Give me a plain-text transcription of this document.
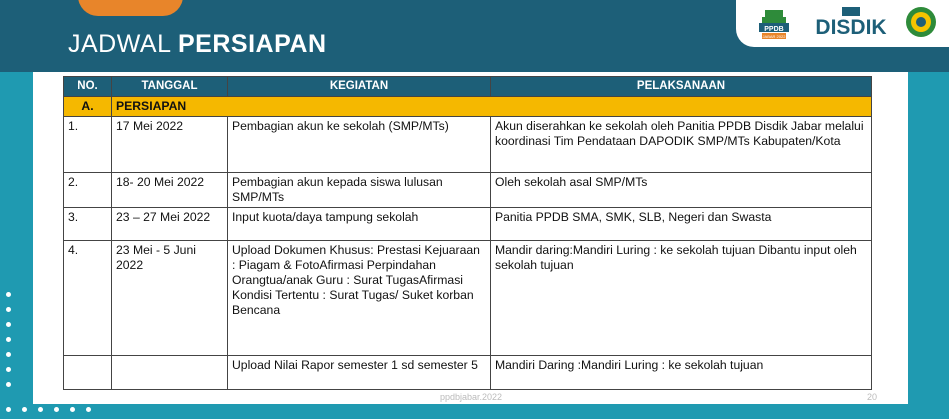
JADWAL PERSIAPAN
PPDB
JABAR 2022 DISDIK
NO.	TANGGAL	KEGIATAN	PELAKSANAAN
A.	PERSIAPAN		
1.	17 Mei 2022	Pembagian akun ke sekolah (SMP/MTs)	Akun diserahkan ke sekolah oleh Panitia PPDB Disdik Jabar melalui koordinasi Tim Pendataan DAPODIK SMP/MTs Kabupaten/Kota
2.	18- 20 Mei 2022	Pembagian akun kepada siswa lulusan SMP/MTs	Oleh sekolah asal SMP/MTs
3.	23 – 27 Mei 2022	Input kuota/daya tampung sekolah	Panitia PPDB SMA, SMK, SLB, Negeri dan Swasta
4.	23 Mei - 5 Juni 2022	Upload Dokumen Khusus: Prestasi Kejuaraan : Piagam & FotoAfirmasi Perpindahan Orangtua/anak Guru : Surat TugasAfirmasi Kondisi Tertentu : Surat Tugas/ Suket korban Bencana	Mandir daring:Mandiri Luring : ke sekolah tujuan Dibantu input oleh sekolah tujuan
		Upload Nilai Rapor semester 1 sd semester 5	Mandiri Daring :Mandiri Luring : ke sekolah tujuan
ppdbjabar.2022	20
